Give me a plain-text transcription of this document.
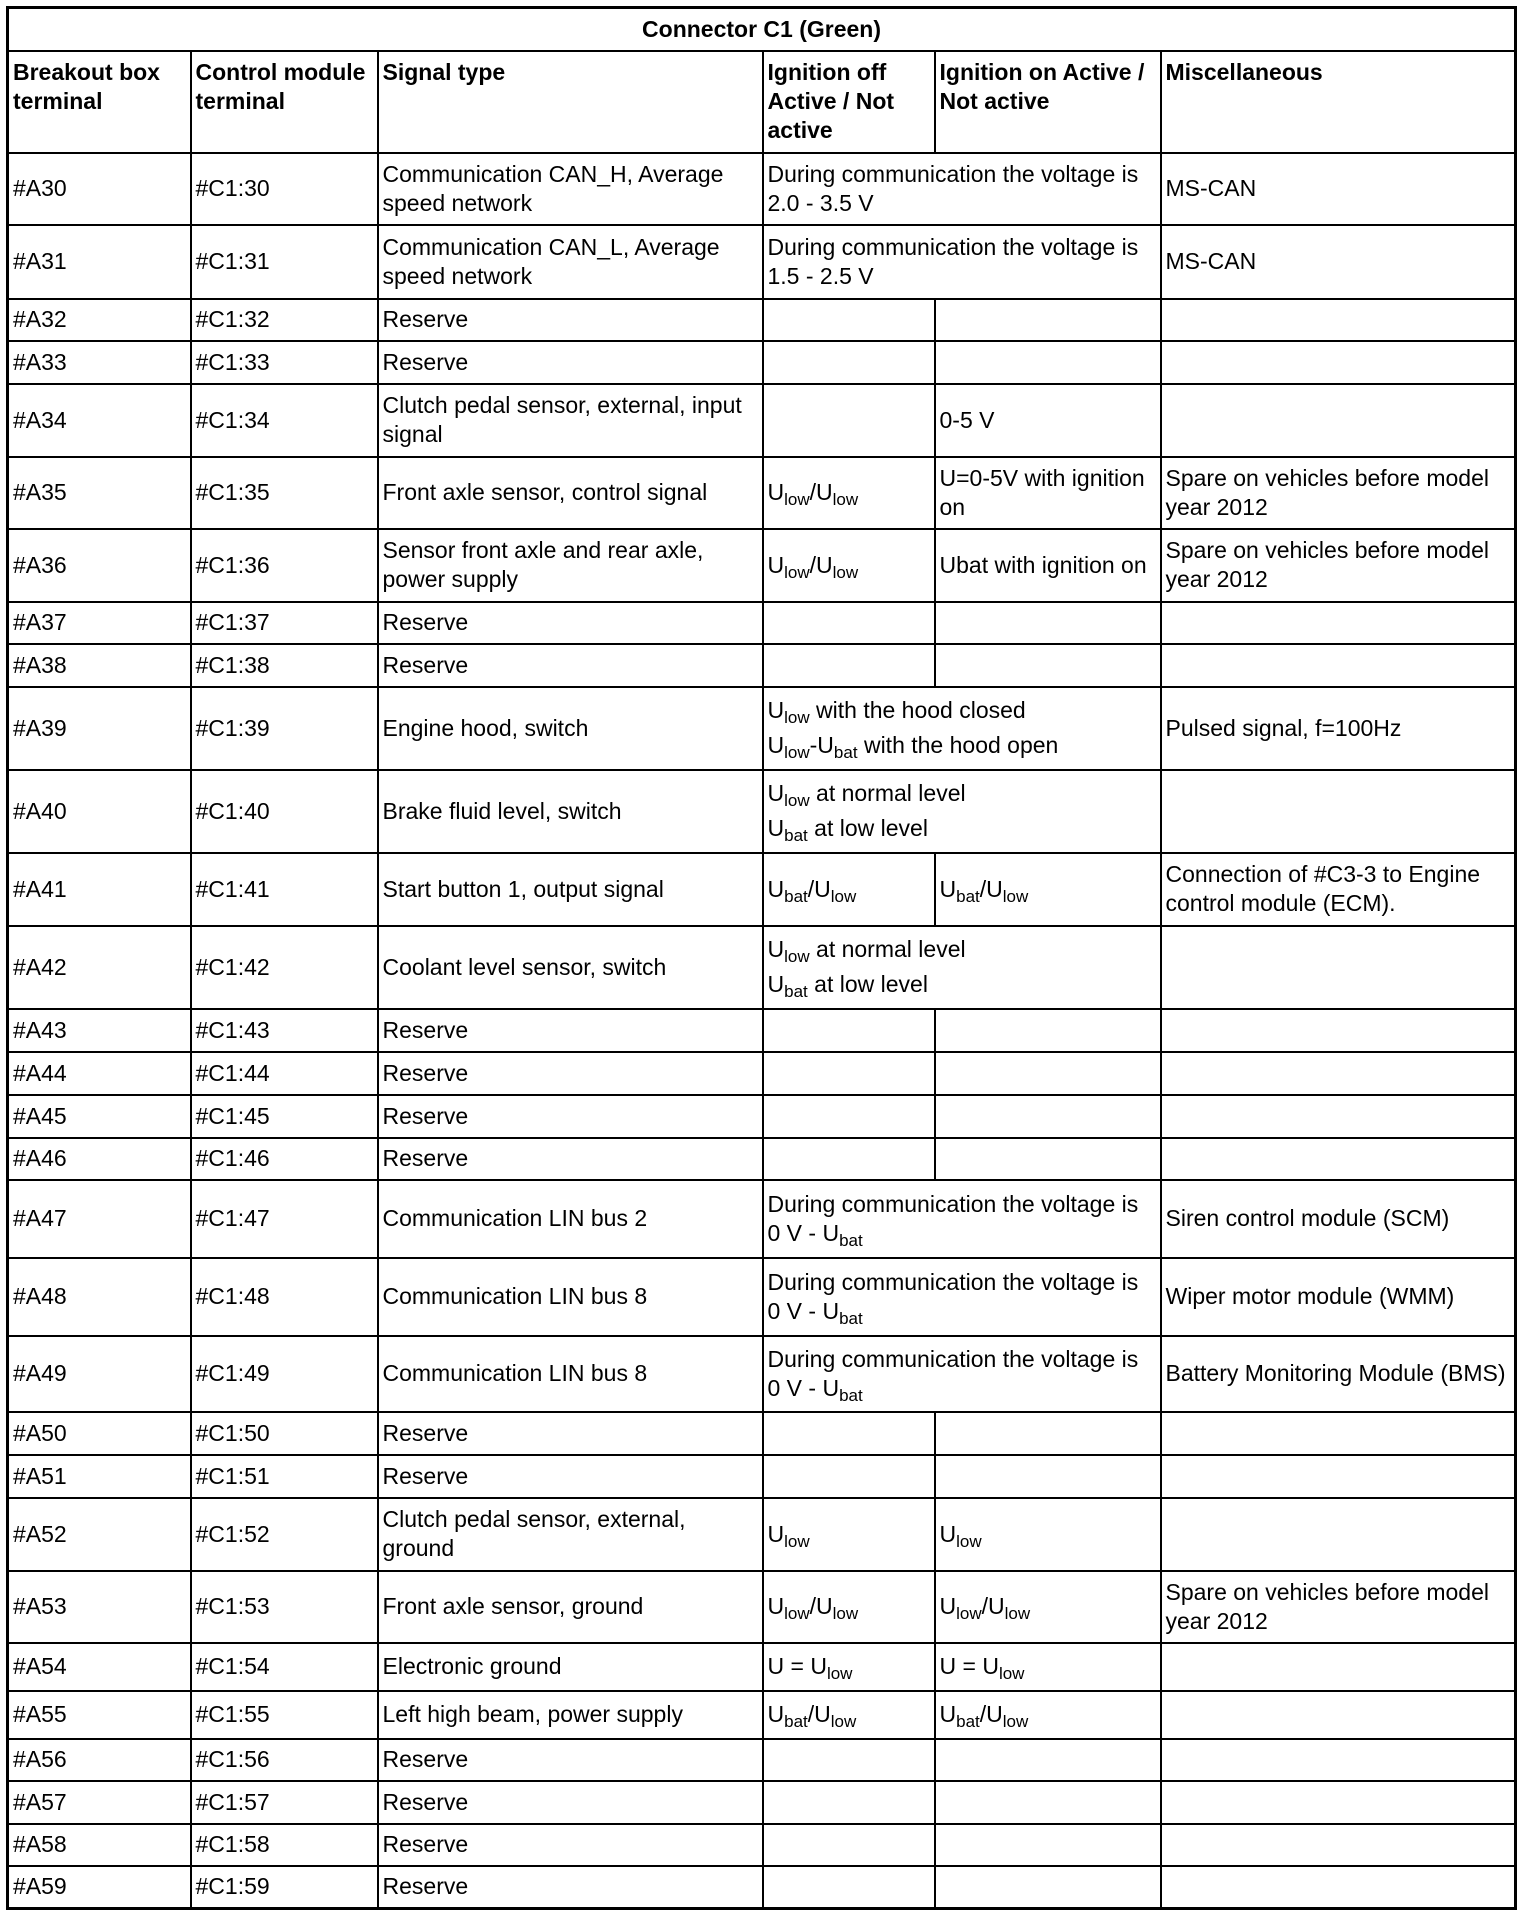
Connector C1 (Green)					
Breakout box terminal	Control module terminal	Signal type	Ignition off Active / Not active	Ignition on Active / Not active	Miscellaneous
#A30	#C1:30	Communication CAN_H, Average speed network	During communication the voltage is 2.0 - 3.5 V		MS-CAN
#A31	#C1:31	Communication CAN_L, Average speed network	During communication the voltage is 1.5 - 2.5 V		MS-CAN
#A32	#C1:32	Reserve			
#A33	#C1:33	Reserve			
#A34	#C1:34	Clutch pedal sensor, external, input signal		0-5 V	
#A35	#C1:35	Front axle sensor, control signal	$U_{low}/U_{low}$	U=0-5V with ignition on	Spare on vehicles before model year 2012
#A36	#C1:36	Sensor front axle and rear axle, power supply	$U_{low}/U_{low}$	Ubat with ignition on	Spare on vehicles before model year 2012
#A37	#C1:37	Reserve			
#A38	#C1:38	Reserve			
#A39	#C1:39	Engine hood, switch	$U_{low}$ with the hood closed
$U_{low}-U_{bat}$ with the hood open		Pulsed signal, f=100Hz
#A40	#C1:40	Brake fluid level, switch	$U_{low}$ at normal level
$U_{bat}$ at low level		

#A41	#C1:41	Start button 1, output signal	$U_{bat}/U_{low}$	$U_{bat}/U_{low}$	Connection of #C3-3 to Engine control module (ECM).
#A42	#C1:42	Coolant level sensor, switch	$U_{low}$ at normal level
$U_{bat}$ at low level		

#A43	#C1:43	Reserve			
#A44	#C1:44	Reserve			
#A45	#C1:45	Reserve			
#A46	#C1:46	Reserve			
#A47	#C1:47	Communication LIN bus 2	During communication the voltage is 0 V - $U_{bat}$		Siren control module (SCM)
#A48	#C1:48	Communication LIN bus 8	During communication the voltage is 0 V - $U_{bat}$		Wiper motor module (WMM)
#A49	#C1:49	Communication LIN bus 8	During communication the voltage is 0 V - $U_{bat}$		Battery Monitoring Module (BMS)
#A50	#C1:50	Reserve			
#A51	#C1:51	Reserve			
#A52	#C1:52	Clutch pedal sensor, external, ground	$U_{low}$	$U_{low}$	
#A53	#C1:53	Front axle sensor, ground	$U_{low}/U_{low}$	$U_{low}/U_{low}$	Spare on vehicles before model year 2012
#A54	#C1:54	Electronic ground	$U = U_{low}$	$U = U_{low}$	
#A55	#C1:55	Left high beam, power supply	$U_{bat}/U_{low}$	$U_{bat}/U_{low}$	
#A56	#C1:56	Reserve			
#A57	#C1:57	Reserve			
#A58	#C1:58	Reserve			
#A59	#C1:59	Reserve			
